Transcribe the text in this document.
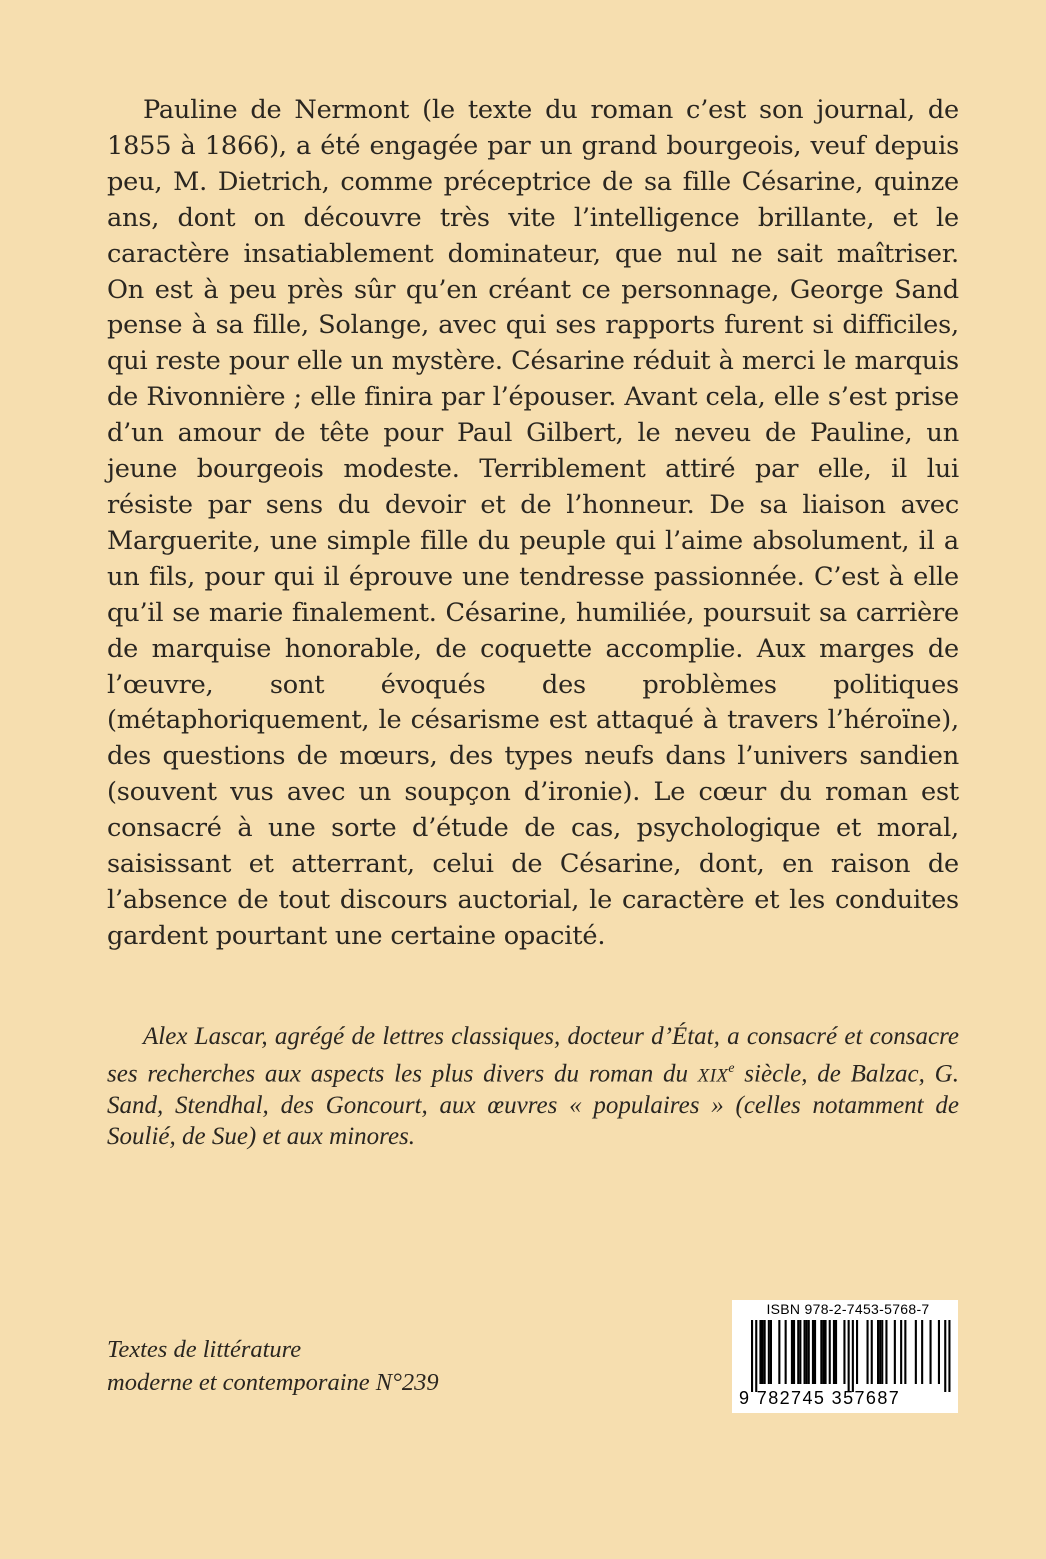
Pauline de Nermont (le texte du roman c’est son journal, de 1855 à 1866), a été engagée par un grand bourgeois, veuf depuis peu, M. Dietrich, comme préceptrice de sa fille Césarine, quinze ans, dont on découvre très vite l’intelligence brillante, et le caractère insatiablement dominateur, que nul ne sait maîtriser. On est à peu près sûr qu’en créant ce personnage, George Sand pense à sa fille, Solange, avec qui ses rapports furent si difficiles, qui reste pour elle un mystère. Césarine réduit à merci le marquis de Rivonnière ; elle finira par l’épouser. Avant cela, elle s’est prise d’un amour de tête pour Paul Gilbert, le neveu de Pauline, un jeune bourgeois modeste. Terriblement attiré par elle, il lui résiste par sens du devoir et de l’honneur. De sa liaison avec Marguerite, une simple fille du peuple qui l’aime absolument, il a un fils, pour qui il éprouve une tendresse passionnée. C’est à elle qu’il se marie finalement. Césarine, humiliée, poursuit sa carrière de marquise honorable, de coquette accomplie. Aux marges de l’œuvre, sont évoqués des problèmes politiques (métaphoriquement, le césarisme est attaqué à travers l’héroïne), des questions de mœurs, des types neufs dans l’univers sandien (souvent vus avec un soupçon d’ironie). Le cœur du roman est consacré à une sorte d’étude de cas, psychologique et moral, saisissant et atterrant, celui de Césarine, dont, en raison de l’absence de tout discours auctorial, le caractère et les conduites gardent pourtant une certaine opacité.

Alex Lascar, agrégé de lettres classiques, docteur d’État, a consacré et consacre ses recherches aux aspects les plus divers du roman du XIXe siècle, de Balzac, G. Sand, Stendhal, des Goncourt, aux œuvres « populaires » (celles notamment de Soulié, de Sue) et aux minores.

Textes de littérature
moderne et contemporaine N°239
ISBN 978-2-7453-5768-7
9 782745 357687
